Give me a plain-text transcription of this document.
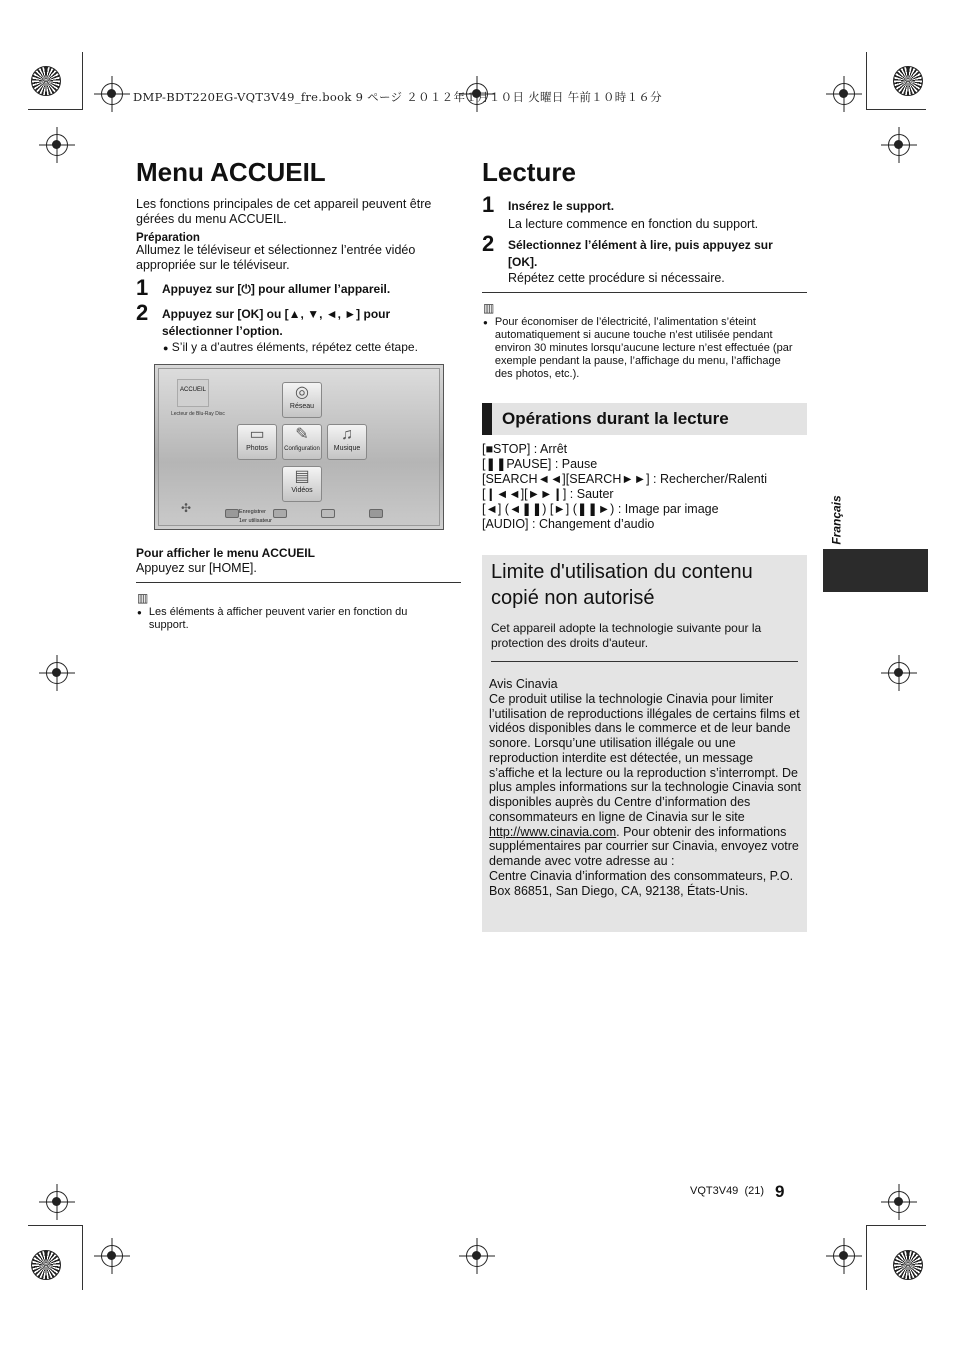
DMP-BDT220EG-VQT3V49_fre.book 9 ページ ２０１２年１月１０日 火曜日 午前１０時１６分
Menu ACCUEIL
Les fonctions principales de cet appareil peuvent être gérées du menu ACCUEIL.
Préparation
Allumez le téléviseur et sélectionnez l’entrée vidéo appropriée sur le téléviseur.
1 Appuyez sur [⏻] pour allumer l’appareil.
2 Appuyez sur [OK] ou [▲, ▼, ◄, ►] pour sélectionner l’option.
● S’il y a d’autres éléments, répétez cette étape.
ACCUEIL
Lecteur de Blu-Ray Disc
◎
Réseau
▭
Photos
✎
Configuration
♫
Musique
▤
Vidéos
✣	Enregistrer
1er utilisateur
Pour afficher le menu ACCUEIL
Appuyez sur [HOME].
▥
● Les éléments à afficher peuvent varier en fonction du support.
Lecture
1 Insérez le support.
La lecture commence en fonction du support.
2 Sélectionnez l’élément à lire, puis appuyez sur [OK].
Répétez cette procédure si nécessaire.
▥
● Pour économiser de l’électricité, l’alimentation s’éteint automatiquement si aucune touche n’est utilisée pendant environ 30 minutes lorsqu’aucune lecture n’est effectuée (par exemple pendant la pause, l’affichage du menu, l’affichage des photos, etc.).
Opérations durant la lecture
[■STOP] : Arrêt
[❚❚PAUSE] : Pause
[SEARCH◄◄][SEARCH►►] : Rechercher/Ralenti
[❙◄◄][►►❙] : Sauter
[◄] (◄❚❚) [►] (❚❚►) : Image par image
[AUDIO] : Changement d’audio
Limite d'utilisation du contenu copié non autorisé
Cet appareil adopte la technologie suivante pour la protection des droits d'auteur.
Avis Cinavia
Ce produit utilise la technologie Cinavia pour limiter l’utilisation de reproductions illégales de certains films et vidéos disponibles dans le commerce et de leur bande sonore. Lorsqu’une utilisation illégale ou une reproduction interdite est détectée, un message s’affiche et la lecture ou la reproduction s’interrompt. De plus amples informations sur la technologie Cinavia sont disponibles auprès du Centre d’information des consommateurs en ligne de Cinavia sur le site http://www.cinavia.com. Pour obtenir des informations supplémentaires par courrier sur Cinavia, envoyez votre demande avec votre adresse au :
Centre Cinavia d’information des consommateurs, P.O. Box 86851, San Diego, CA, 92138, États-Unis.
Français
VQT3V49 (21) 9
